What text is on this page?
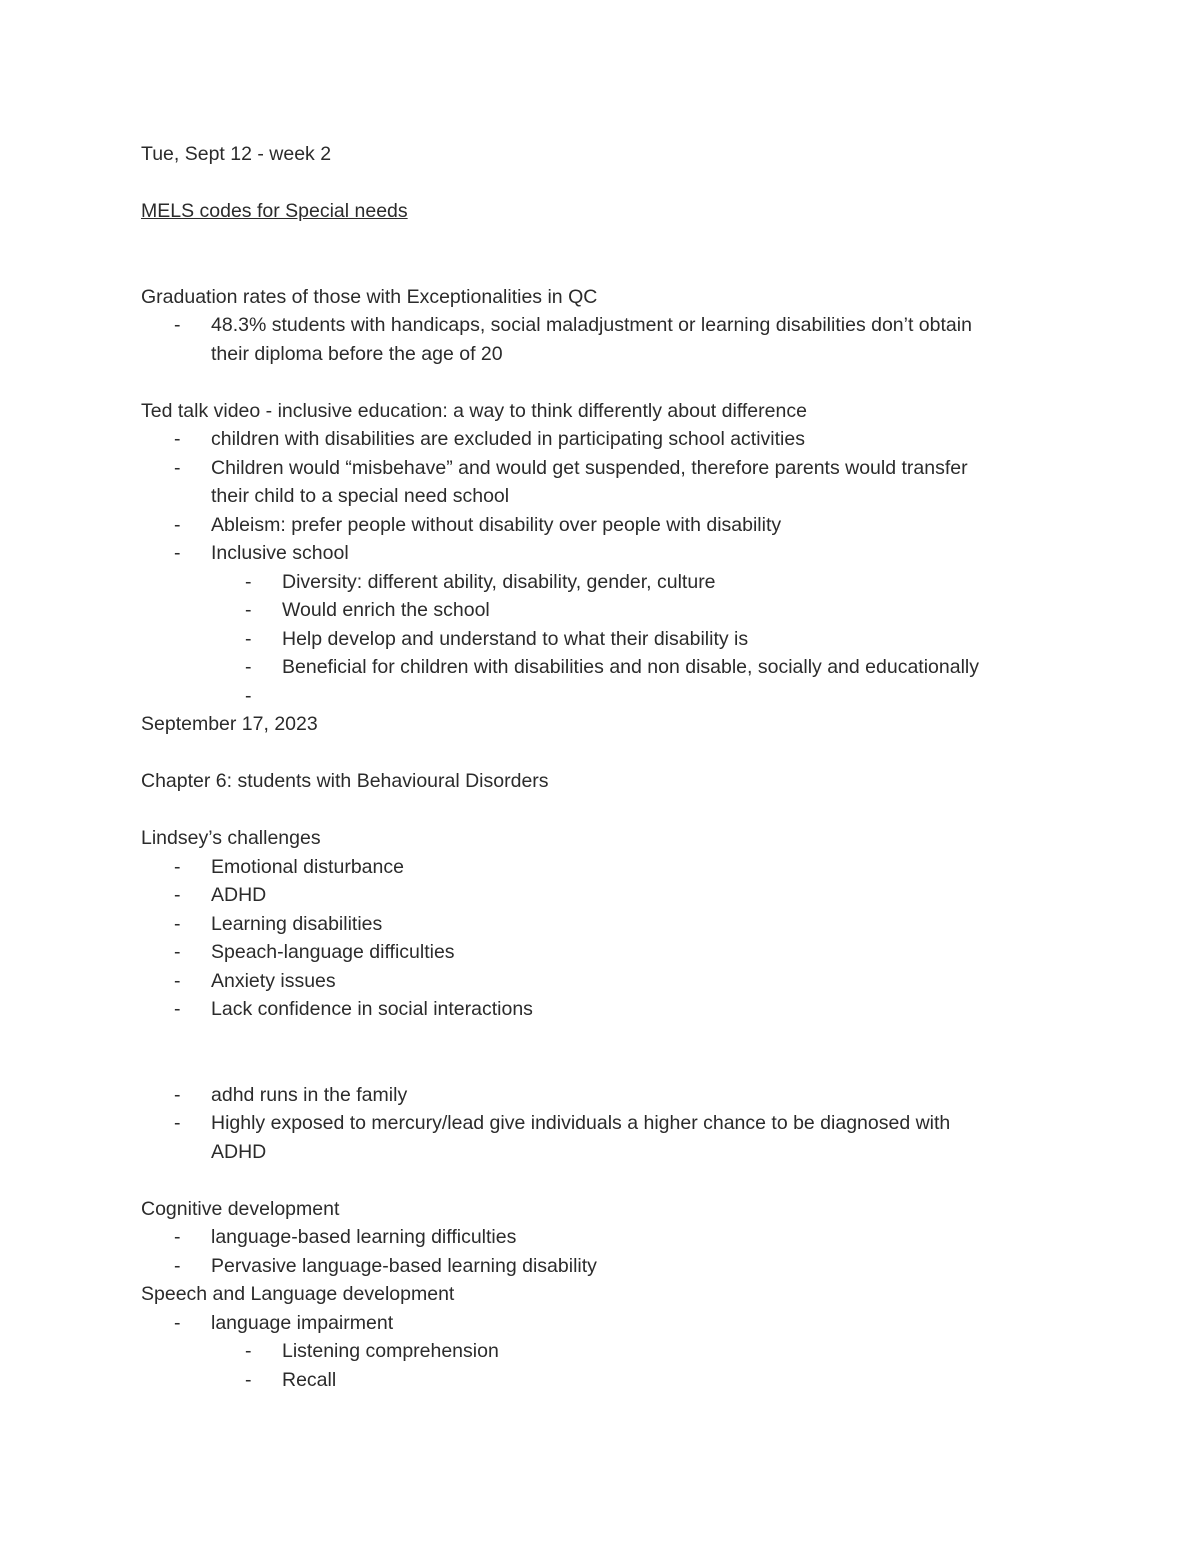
Tue, Sept 12 - week 2
MELS codes for Special needs
Graduation rates of those with Exceptionalities in QC
- 48.3% students with handicaps, social maladjustment or learning disabilities don’t obtain
their diploma before the age of 20
Ted talk video - inclusive education: a way to think differently about difference
- children with disabilities are excluded in participating school activities
- Children would “misbehave” and would get suspended, therefore parents would transfer
their child to a special need school
- Ableism: prefer people without disability over people with disability
- Inclusive school
- Diversity: different ability, disability, gender, culture
- Would enrich the school
- Help develop and understand to what their disability is
- Beneficial for children with disabilities and non disable, socially and educationally
-
September 17, 2023
Chapter 6: students with Behavioural Disorders
Lindsey’s challenges
- Emotional disturbance
- ADHD
- Learning disabilities
- Speach-language difficulties
- Anxiety issues
- Lack confidence in social interactions
- adhd runs in the family
- Highly exposed to mercury/lead give individuals a higher chance to be diagnosed with
ADHD
Cognitive development
- language-based learning difficulties
- Pervasive language-based learning disability
Speech and Language development
- language impairment
- Listening comprehension
- Recall
